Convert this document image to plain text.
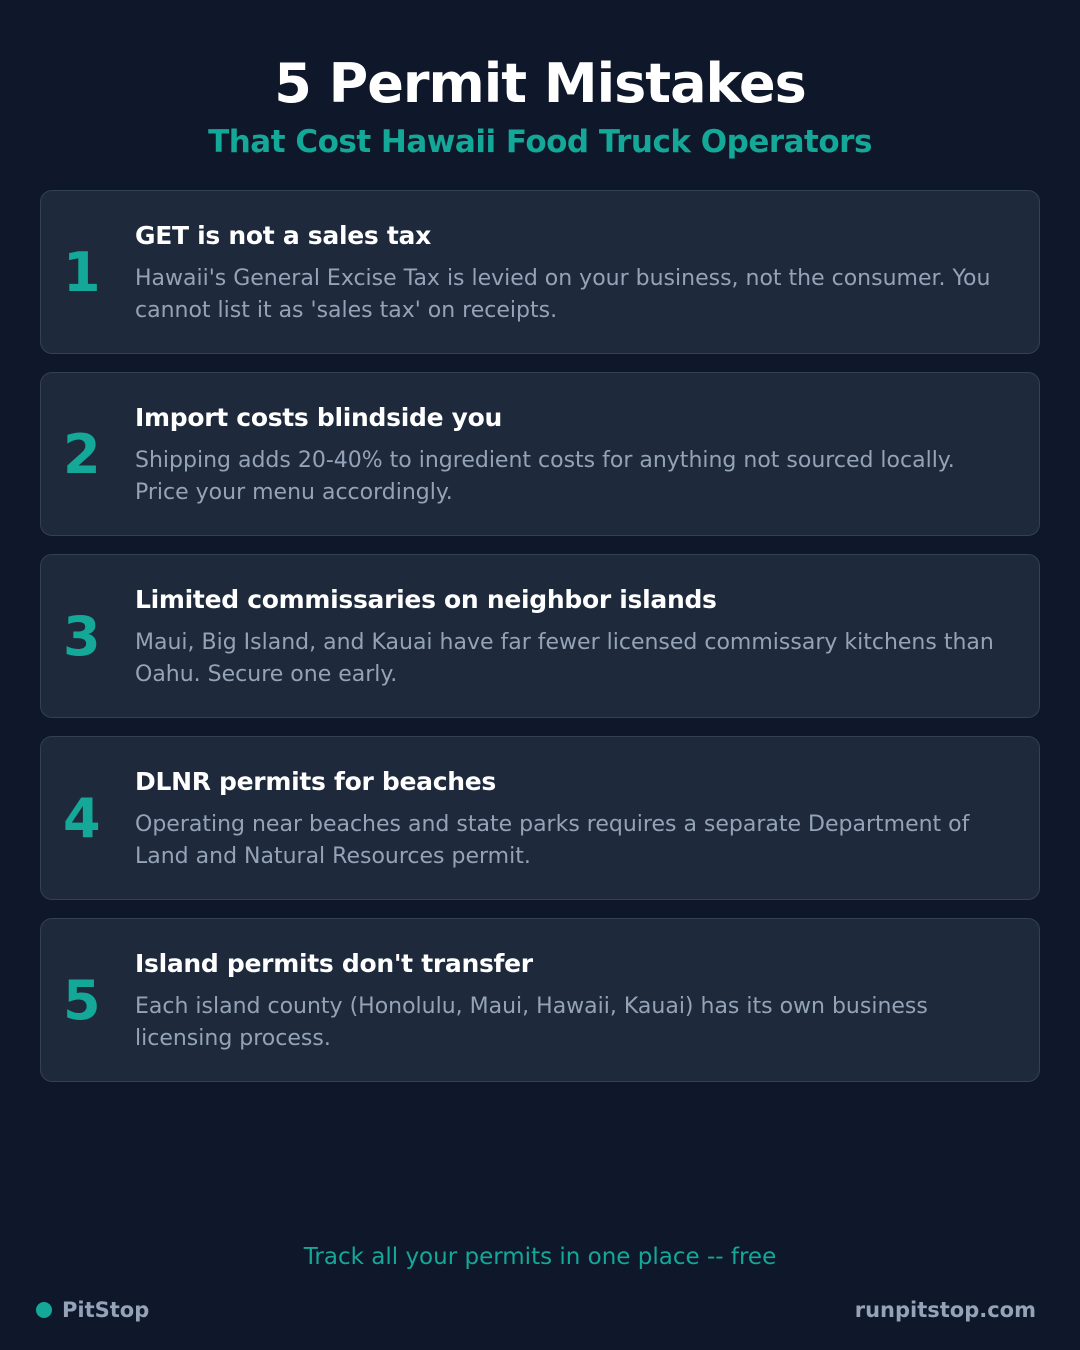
5 Permit Mistakes
That Cost Hawaii Food Truck Operators
1
GET is not a sales tax
Hawaii's General Excise Tax is levied on your business, not the consumer. You cannot list it as 'sales tax' on receipts.
2
Import costs blindside you
Shipping adds 20-40% to ingredient costs for anything not sourced locally. Price your menu accordingly.
3
Limited commissaries on neighbor islands
Maui, Big Island, and Kauai have far fewer licensed commissary kitchens than Oahu. Secure one early.
4
DLNR permits for beaches
Operating near beaches and state parks requires a separate Department of Land and Natural Resources permit.
5
Island permits don't transfer
Each island county (Honolulu, Maui, Hawaii, Kauai) has its own business licensing process.
Track all your permits in one place -- free
PitStop	runpitstop.com
